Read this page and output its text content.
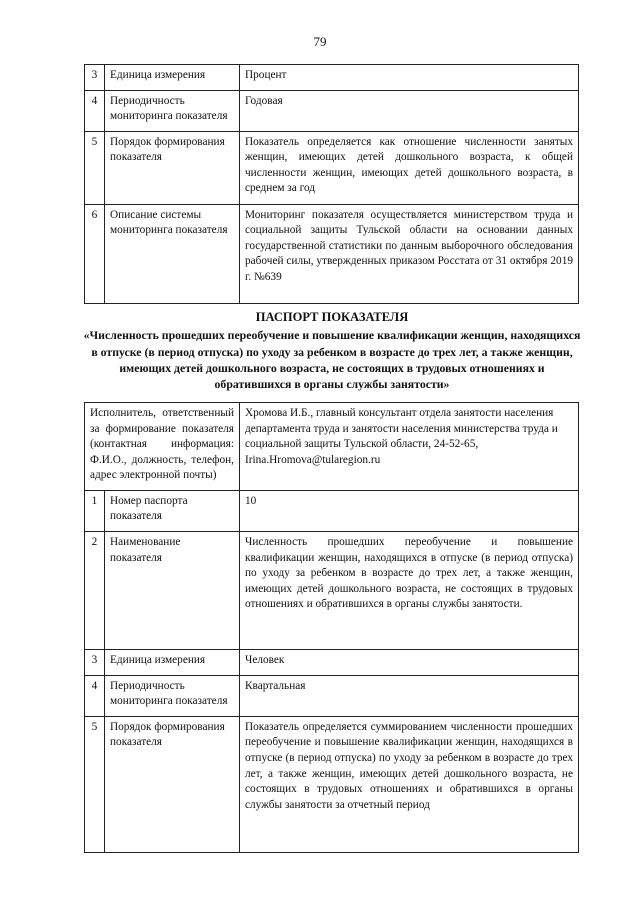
79
3	Единица измерения	Процент
4	Периодичность мониторинга показателя	Годовая
5	Порядок формирования показателя	Показатель определяется как отношение численности занятых женщин, имеющих детей дошкольного возраста, к общей численности женщин, имеющих детей дошкольного возраста, в среднем за год
6	Описание системы мониторинга показателя	Мониторинг показателя осуществляется министерством труда и социальной защиты Тульской области на основании данных государственной статистики по данным выборочного обследования рабочей силы, утвержденных приказом Росстата от 31 октября 2019 г. №639
ПАСПОРТ ПОКАЗАТЕЛЯ
«Численность прошедших переобучение и повышение квалификации женщин, находящихся в отпуске (в период отпуска) по уходу за ребенком в возрасте до трех лет, а также женщин, имеющих детей дошкольного возраста, не состоящих в трудовых отношениях и обратившихся в органы службы занятости»
Исполнитель, ответственный за формирование показателя (контактная информация: Ф.И.О., должность, телефон, адрес электронной почты)		Хромова И.Б., главный консультант отдела занятости населения департамента труда и занятости населения министерства труда и социальной защиты Тульской области, 24-52-65, Irina.Hromova@tularegion.ru
1	Номер паспорта показателя	10
2	Наименование показателя	Численность прошедших переобучение и повышение квалификации женщин, находящихся в отпуске (в период отпуска) по уходу за ребенком в возрасте до трех лет, а также женщин, имеющих детей дошкольного возраста, не состоящих в трудовых отношениях и обратившихся в органы службы занятости.
3	Единица измерения	Человек
4	Периодичность мониторинга показателя	Квартальная
5	Порядок формирования показателя	Показатель определяется суммированием численности прошедших переобучение и повышение квалификации женщин, находящихся в отпуске (в период отпуска) по уходу за ребенком в возрасте до трех лет, а также женщин, имеющих детей дошкольного возраста, не состоящих в трудовых отношениях и обратившихся в органы службы занятости за отчетный период
